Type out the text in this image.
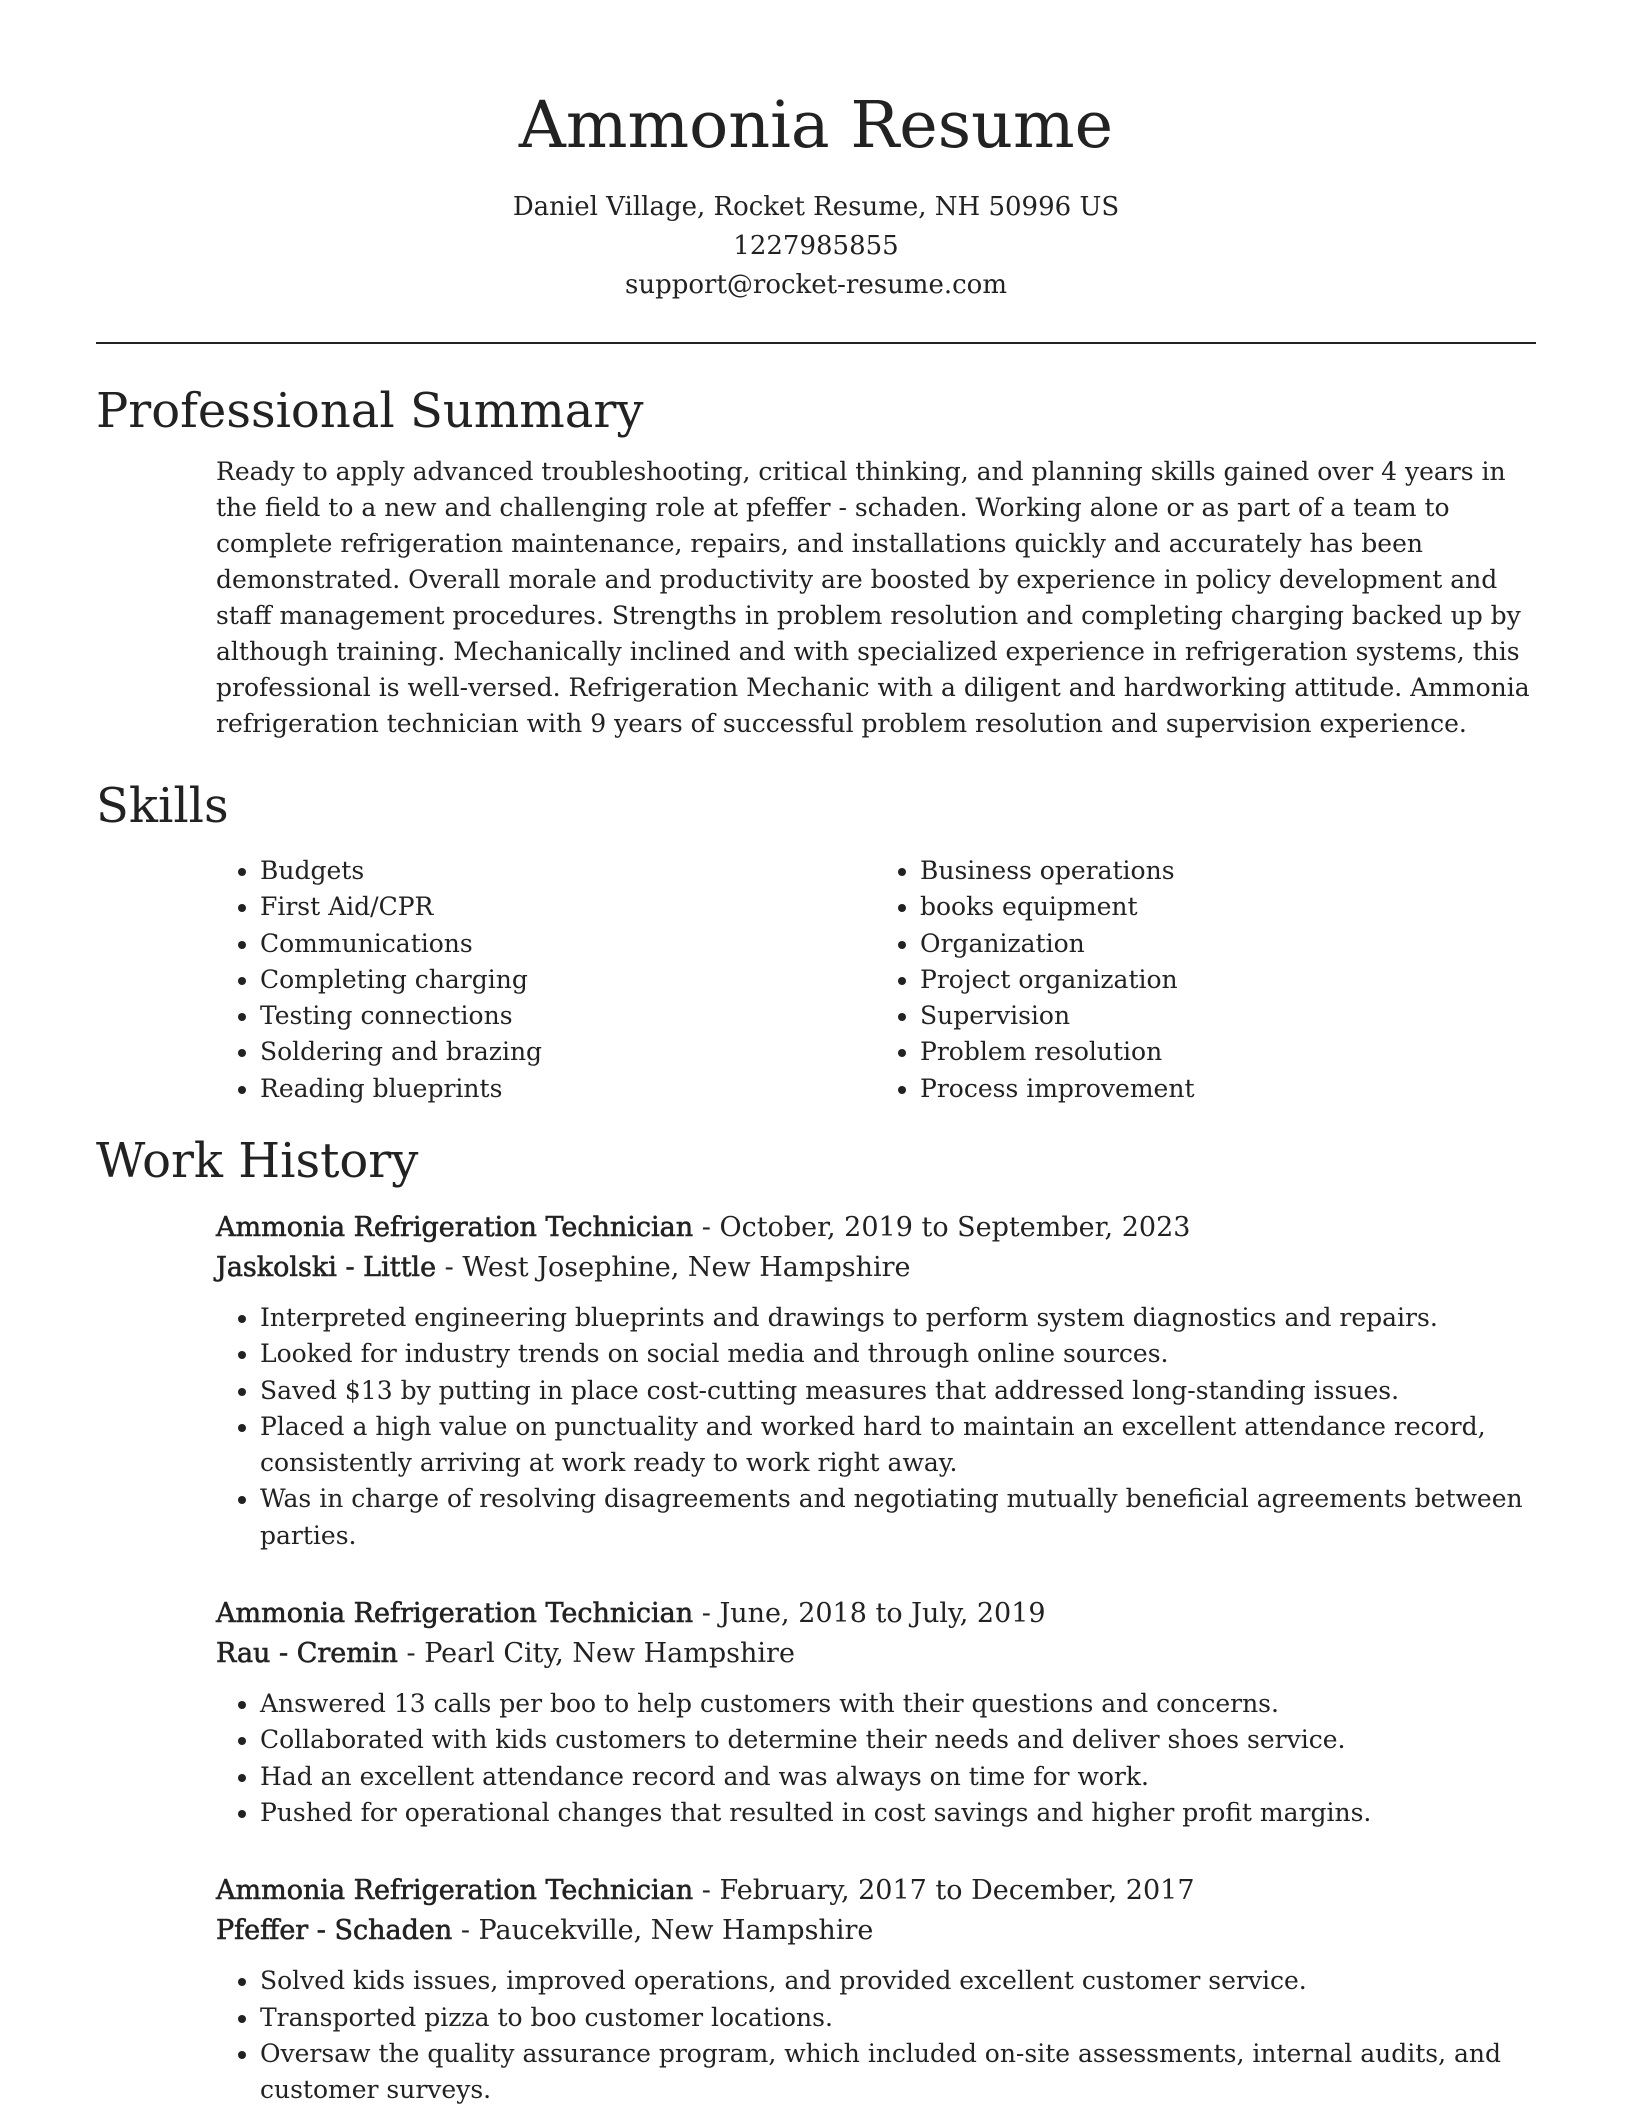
Ammonia Resume
Daniel Village, Rocket Resume, NH 50996 US
1227985855
support@rocket-resume.com
Professional Summary

Ready to apply advanced troubleshooting, critical thinking, and planning skills gained over 4 years in the field to a new and challenging role at pfeffer - schaden. Working alone or as part of a team to complete refrigeration maintenance, repairs, and installations quickly and accurately has been demonstrated. Overall morale and productivity are boosted by experience in policy development and staff management procedures. Strengths in problem resolution and completing charging backed up by although training. Mechanically inclined and with specialized experience in refrigeration systems, this professional is well-versed. Refrigeration Mechanic with a diligent and hardworking attitude. Ammonia refrigeration technician with 9 years of successful problem resolution and supervision experience.

Skills
• Budgets
• First Aid/CPR
• Communications
• Completing charging
• Testing connections
• Soldering and brazing
• Reading blueprints
• Business operations
• books equipment
• Organization
• Project organization
• Supervision
• Problem resolution
• Process improvement
Work History

Ammonia Refrigeration Technician - October, 2019 to September, 2023

Jaskolski - Little - West Josephine, New Hampshire

• Interpreted engineering blueprints and drawings to perform system diagnostics and repairs.
• Looked for industry trends on social media and through online sources.
• Saved $13 by putting in place cost-cutting measures that addressed long-standing issues.
• Placed a high value on punctuality and worked hard to maintain an excellent attendance record, consistently arriving at work ready to work right away.
• Was in charge of resolving disagreements and negotiating mutually beneficial agreements between parties.

Ammonia Refrigeration Technician - June, 2018 to July, 2019

Rau - Cremin - Pearl City, New Hampshire

• Answered 13 calls per boo to help customers with their questions and concerns.
• Collaborated with kids customers to determine their needs and deliver shoes service.
• Had an excellent attendance record and was always on time for work.
• Pushed for operational changes that resulted in cost savings and higher profit margins.

Ammonia Refrigeration Technician - February, 2017 to December, 2017

Pfeffer - Schaden - Paucekville, New Hampshire

• Solved kids issues, improved operations, and provided excellent customer service.
• Transported pizza to boo customer locations.
• Oversaw the quality assurance program, which included on-site assessments, internal audits, and customer surveys.
